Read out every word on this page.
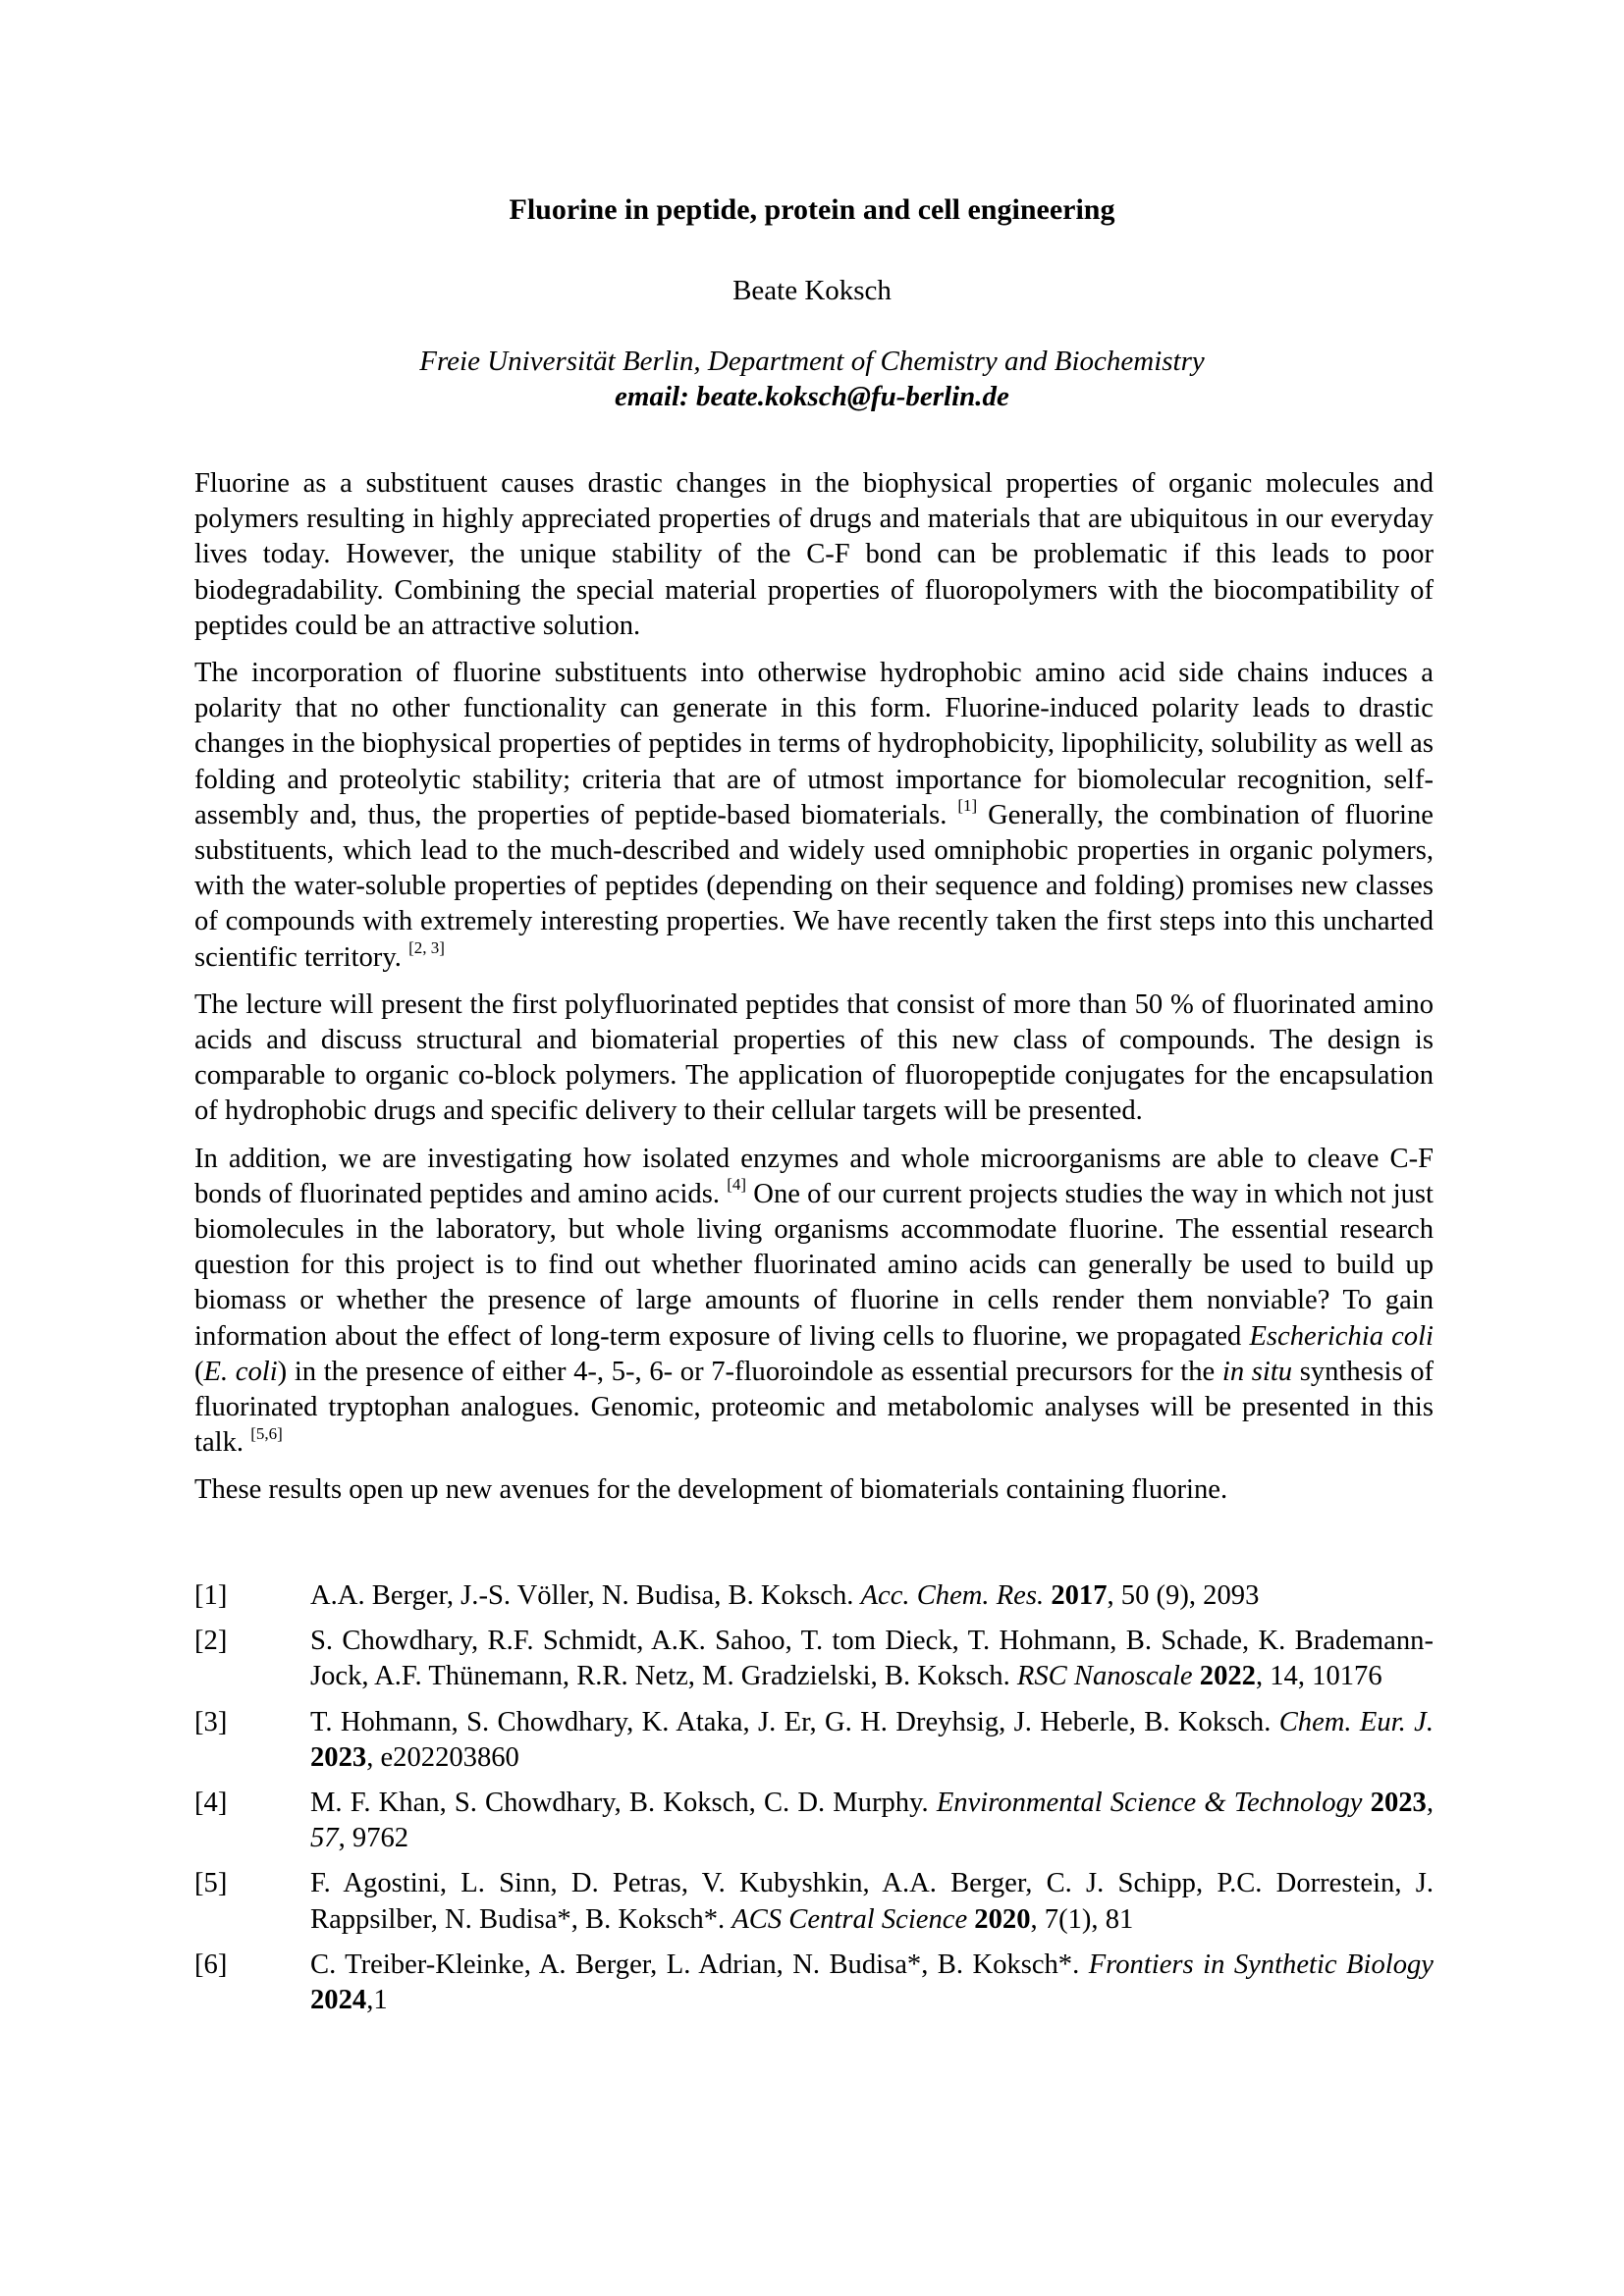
Fluorine in peptide, protein and cell engineering
Beate Koksch
Freie Universität Berlin, Department of Chemistry and Biochemistry
email: beate.koksch@fu-berlin.de

Fluorine as a substituent causes drastic changes in the biophysical properties of organic molecules and polymers resulting in highly appreciated properties of drugs and materials that are ubiquitous in our everyday lives today. However, the unique stability of the C-F bond can be problematic if this leads to poor biodegradability. Combining the special material properties of fluoropolymers with the biocompatibility of peptides could be an attractive solution.

The incorporation of fluorine substituents into otherwise hydrophobic amino acid side chains induces a polarity that no other functionality can generate in this form. Fluorine-induced polarity leads to drastic changes in the biophysical properties of peptides in terms of hydrophobicity, lipophilicity, solubility as well as folding and proteolytic stability; criteria that are of utmost importance for biomolecular recognition, self-assembly and, thus, the properties of peptide-based biomaterials. [1] Generally, the combination of fluorine substituents, which lead to the much-described and widely used omniphobic properties in organic polymers, with the water-soluble properties of peptides (depending on their sequence and folding) promises new classes of compounds with extremely interesting properties. We have recently taken the first steps into this uncharted scientific territory. [2, 3]

The lecture will present the first polyfluorinated peptides that consist of more than 50 % of fluorinated amino acids and discuss structural and biomaterial properties of this new class of compounds. The design is comparable to organic co-block polymers. The application of fluoropeptide conjugates for the encapsulation of hydrophobic drugs and specific delivery to their cellular targets will be presented.

In addition, we are investigating how isolated enzymes and whole microorganisms are able to cleave C-F bonds of fluorinated peptides and amino acids. [4] One of our current projects studies the way in which not just biomolecules in the laboratory, but whole living organisms accommodate fluorine. The essential research question for this project is to find out whether fluorinated amino acids can generally be used to build up biomass or whether the presence of large amounts of fluorine in cells render them nonviable? To gain information about the effect of long-term exposure of living cells to fluorine, we propagated Escherichia coli (E. coli) in the presence of either 4-, 5-, 6- or 7-fluoroindole as essential precursors for the in situ synthesis of fluorinated tryptophan analogues. Genomic, proteomic and metabolomic analyses will be presented in this talk. [5,6]

These results open up new avenues for the development of biomaterials containing fluorine.

[1]	A.A. Berger, J.-S. Völler, N. Budisa, B. Koksch. Acc. Chem. Res. 2017, 50 (9), 2093
[2]	S. Chowdhary, R.F. Schmidt, A.K. Sahoo, T. tom Dieck, T. Hohmann, B. Schade, K. Brademann-Jock, A.F. Thünemann, R.R. Netz, M. Gradzielski, B. Koksch. RSC Nanoscale 2022, 14, 10176
[3]	T. Hohmann, S. Chowdhary, K. Ataka, J. Er, G. H. Dreyhsig, J. Heberle, B. Koksch. Chem. Eur. J. 2023, e202203860
[4]	M. F. Khan, S. Chowdhary, B. Koksch, C. D. Murphy. Environmental Science & Technology 2023, 57, 9762
[5]	F. Agostini, L. Sinn, D. Petras, V. Kubyshkin, A.A. Berger, C. J. Schipp, P.C. Dorrestein, J. Rappsilber, N. Budisa*, B. Koksch*. ACS Central Science 2020, 7(1), 81
[6]	C. Treiber-Kleinke, A. Berger, L. Adrian, N. Budisa*, B. Koksch*. Frontiers in Synthetic Biology 2024,1
